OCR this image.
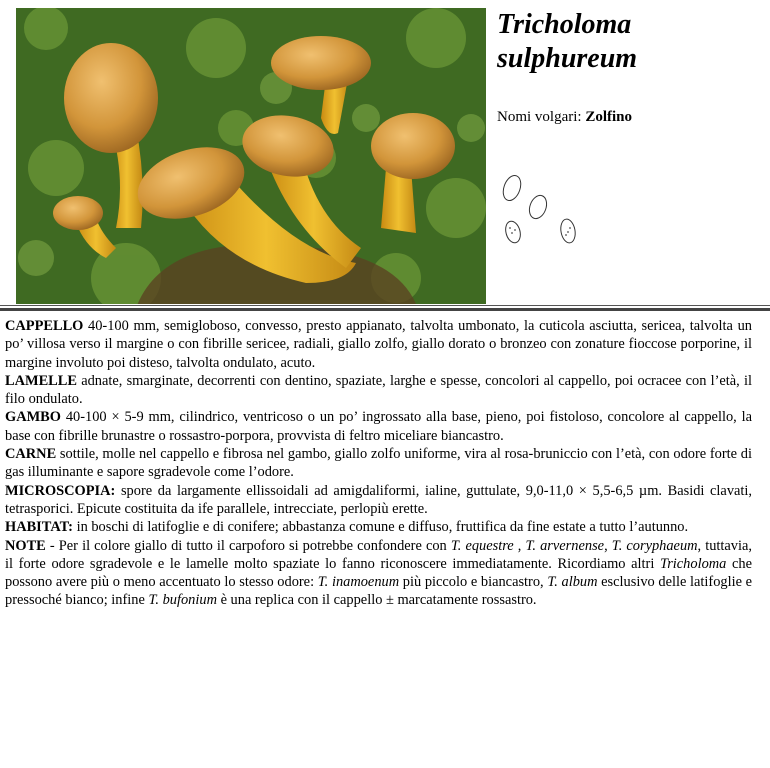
Tricholoma
sulphureum
Nomi volgari: Zolfino

CAPPELLO 40-100 mm, semigloboso, convesso, presto appianato, talvolta umbonato, la cuticola asciutta, sericea, talvolta un po’ villosa verso il margine o con fibrille sericee, radiali, giallo zolfo, giallo dorato o bronzeo con zonature fioccose porporine, il margine involuto poi disteso, talvolta ondulato, acuto.

LAMELLE adnate, smarginate, decorrenti con dentino, spaziate, larghe e spesse, concolori al cappello, poi ocracee con l’età, il filo ondulato.

GAMBO 40-100 × 5-9 mm, cilindrico, ventricoso o un po’ ingrossato alla base, pieno, poi fistoloso, concolore al cappello, la base con fibrille brunastre o rossastro-porpora, provvista di feltro miceliare biancastro.

CARNE sottile, molle nel cappello e fibrosa nel gambo, giallo zolfo uniforme, vira al rosa-bruniccio con l’età, con odore forte di gas illuminante e sapore sgradevole come l’odore.

MICROSCOPIA: spore da largamente ellissoidali ad amigdaliformi, ialine, guttulate, 9,0-11,0 × 5,5-6,5 µm. Basidi clavati, tetrasporici. Epicute costituita da ife parallele, intrecciate, perlopiù erette.

HABITAT: in boschi di latifoglie e di conifere; abbastanza comune e diffuso, fruttifica da fine estate a tutto l’autunno.

NOTE - Per il colore giallo di tutto il carpoforo si potrebbe confondere con T. equestre , T. arvernense, T. coryphaeum, tuttavia, il forte odore sgradevole e le lamelle molto spaziate lo fanno riconoscere immediatamente. Ricordiamo altri Tricholoma che possono avere più o meno accentuato lo stesso odore: T. inamoenum più piccolo e biancastro, T. album esclusivo delle latifoglie e pressoché bianco; infine T. bufonium è una replica con il cappello ± marcatamente rossastro.
